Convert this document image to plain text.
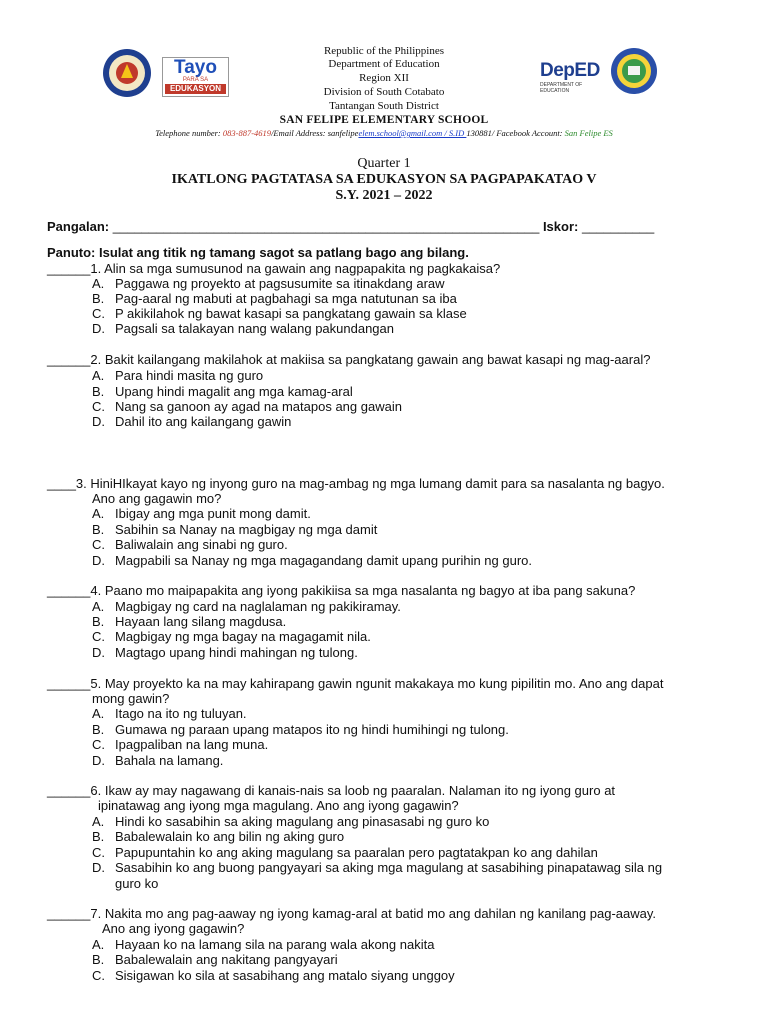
Tayo
PARA SA
EDUKASYON
DepED
DEPARTMENT OF EDUCATION
Republic of the Philippines
Department of Education
Region XII
Division of South Cotabato
Tantangan South District
SAN FELIPE ELEMENTARY SCHOOL
Telephone number: 083-887-4619/Email Address: sanfelipeelem.school@gmail.com / S.ID 130881/ Facebook Account: San Felipe ES
Quarter 1
IKATLONG PAGTATASA SA EDUKASYON SA PAGPAPAKATAO V
S.Y. 2021 – 2022
Pangalan: ___________________________________________________________ Iskor: __________
Panuto: Isulat ang titik ng tamang sagot sa patlang bago ang bilang.
______1. Alin sa mga sumusunod na gawain ang nagpapakita ng pagkakaisa?
A. Paggawa ng proyekto at pagsusumite sa itinakdang araw
B. Pag-aaral ng mabuti at pagbahagi sa mga natutunan sa iba
C. P akikilahok ng bawat kasapi sa pangkatang gawain sa klase
D. Pagsali sa talakayan nang walang pakundangan
______2. Bakit kailangang makilahok at makiisa sa pangkatang gawain ang bawat kasapi ng mag-aaral?
A. Para hindi masita ng guro
B. Upang hindi magalit ang mga kamag-aral
C. Nang sa ganoon ay agad na matapos ang gawain
D. Dahil ito ang kailangang gawin
____3. HiniHIkayat kayo ng inyong guro na mag-ambag ng mga lumang damit para sa nasalanta ng bagyo.
Ano ang gagawin mo?
A. Ibigay ang mga punit mong damit.
B. Sabihin sa Nanay na magbigay ng mga damit
C. Baliwalain ang sinabi ng guro.
D. Magpabili sa Nanay ng mga magagandang damit upang purihin ng guro.
______4. Paano mo maipapakita ang iyong pakikiisa sa mga nasalanta ng bagyo at iba pang sakuna?
A. Magbigay ng card na naglalaman ng pakikiramay.
B. Hayaan lang silang magdusa.
C. Magbigay ng mga bagay na magagamit nila.
D. Magtago upang hindi mahingan ng tulong.
______5. May proyekto ka na may kahirapang gawin ngunit makakaya mo kung pipilitin mo. Ano ang dapat
mong gawin?
A. Itago na ito ng tuluyan.
B. Gumawa ng paraan upang matapos ito ng hindi humihingi ng tulong.
C. Ipagpaliban na lang muna.
D. Bahala na lamang.
______6. Ikaw ay may nagawang di kanais-nais sa loob ng paaralan. Nalaman ito ng iyong guro at
ipinatawag ang iyong mga magulang. Ano ang iyong gagawin?
A. Hindi ko sasabihin sa aking magulang ang pinasasabi ng guro ko
B. Babalewalain ko ang bilin ng aking guro
C. Papupuntahin ko ang aking magulang sa paaralan pero pagtatakpan ko ang dahilan
D. Sasabihin ko ang buong pangyayari sa aking mga magulang at sasabihing pinapatawag sila ng
guro ko
______7. Nakita mo ang pag-aaway ng iyong kamag-aral at batid mo ang dahilan ng kanilang pag-aaway.
Ano ang iyong gagawin?
A. Hayaan ko na lamang sila na parang wala akong nakita
B. Babalewalain ang nakitang pangyayari
C. Sisigawan ko sila at sasabihang ang matalo siyang unggoy
